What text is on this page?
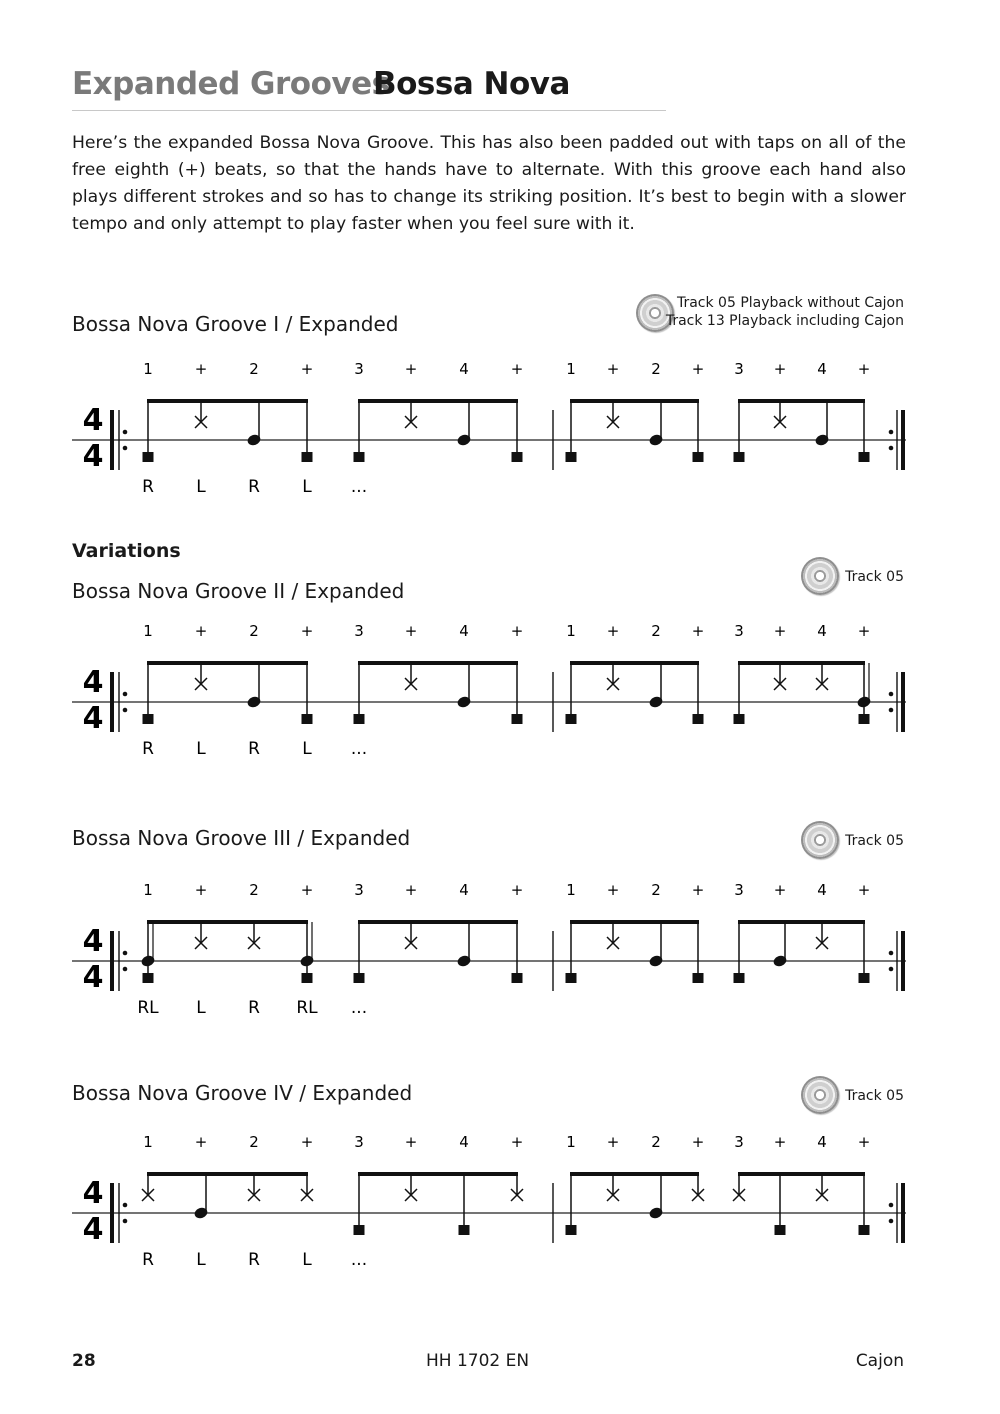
Expanded Grooves
Bossa Nova

Here’s the expanded Bossa Nova Groove. This has also been padded out with taps on all of the free eighth (+) beats, so that the hands have to alternate. With this groove each hand also plays different strokes and so has to change its striking position. It’s best to begin with a slower tempo and only attempt to play faster when you feel sure with it.

Variations
Bossa Nova Groove I / Expanded
Track 05 Playback without Cajon
Track 13 Playback including Cajon
4
4
1	+	2	+	3	+	4	+	1 + 2 + 3 + 4 +
R L R L ...
Bossa Nova Groove II / Expanded
Track 05
4
4
1	+	2	+	3	+	4	+	1 + 2 + 3 + 4 +
R L R L ...
Bossa Nova Groove III / Expanded	Track 05
4
4
1	+	2	+	3	+	4	+	1 + 2 + 3 + 4 +
RL L R RL ...
Bossa Nova Groove IV / Expanded	Track 05
4
4
1	+	2	+	3	+	4	+	1 + 2 + 3 + 4 +
R L R L ...
28	HH 1702 EN	Cajon
